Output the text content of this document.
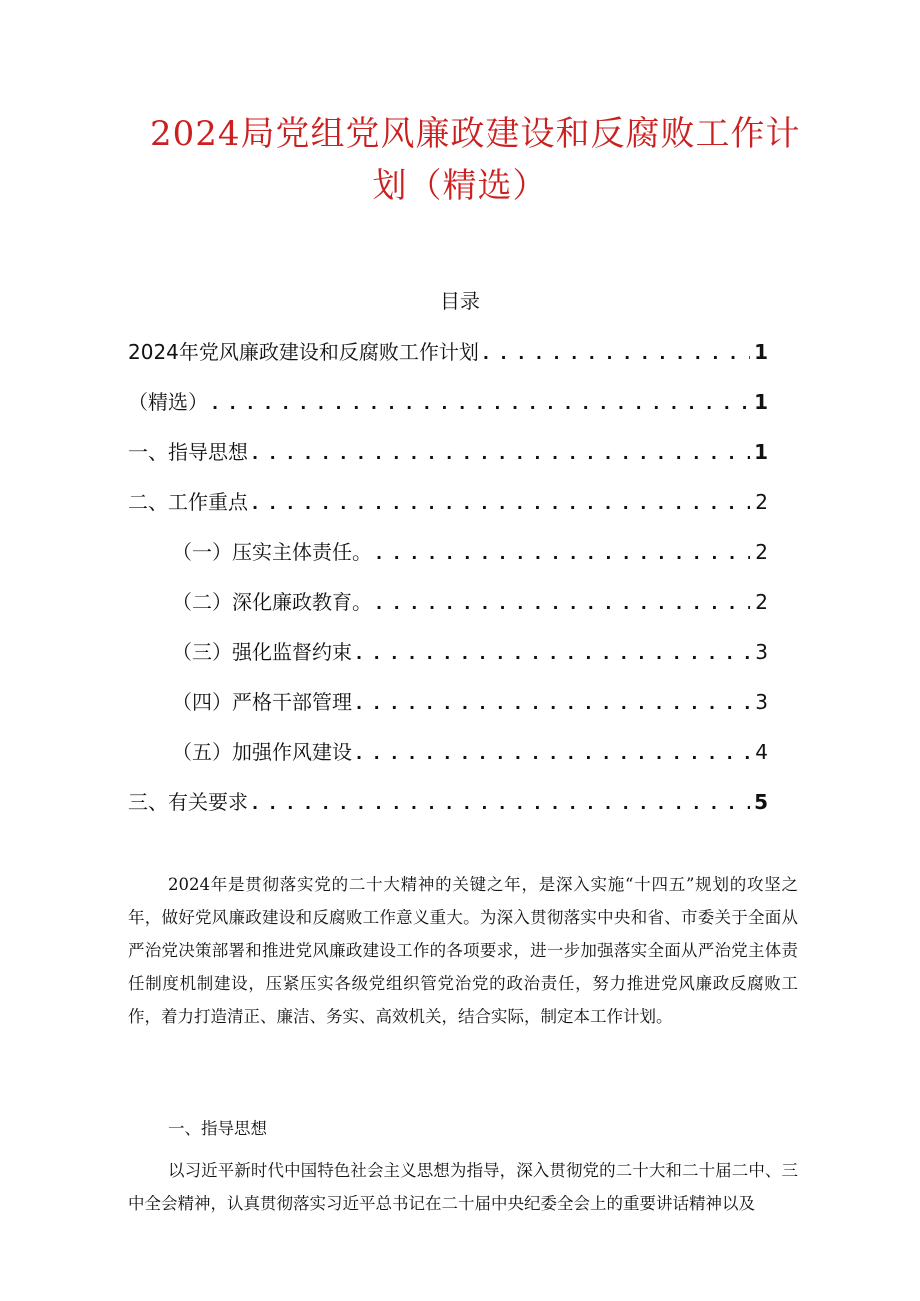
2024局党组党风廉政建设和反腐败工作计
划（精选）
目录
2024年党风廉政建设和反腐败工作计划 . . .	1
（精选） . . .	1
一、指导思想 . . .	1
二、工作重点 . . .	2
（一）压实主体责任。 . . .	2
（二）深化廉政教育。 . . .	2
（三）强化监督约束 . . .	3
（四）严格干部管理 . . .	3
（五）加强作风建设 . . .	4
三、有关要求 . . .	5

2024年是贯彻落实党的二十大精神的关键之年，是深入实施“十四五”规划的攻坚之年，做好党风廉政建设和反腐败工作意义重大。为深入贯彻落实中央和省、市委关于全面从严治党决策部署和推进党风廉政建设工作的各项要求，进一步加强落实全面从严治党主体责任制度机制建设，压紧压实各级党组织管党治党的政治责任，努力推进党风廉政反腐败工作，着力打造清正、廉洁、务实、高效机关，结合实际，制定本工作计划。

一、指导思想

以习近平新时代中国特色社会主义思想为指导，深入贯彻党的二十大和二十届二中、三中全会精神，认真贯彻落实习近平总书记在二十届中央纪委全会上的重要讲话精神以及
